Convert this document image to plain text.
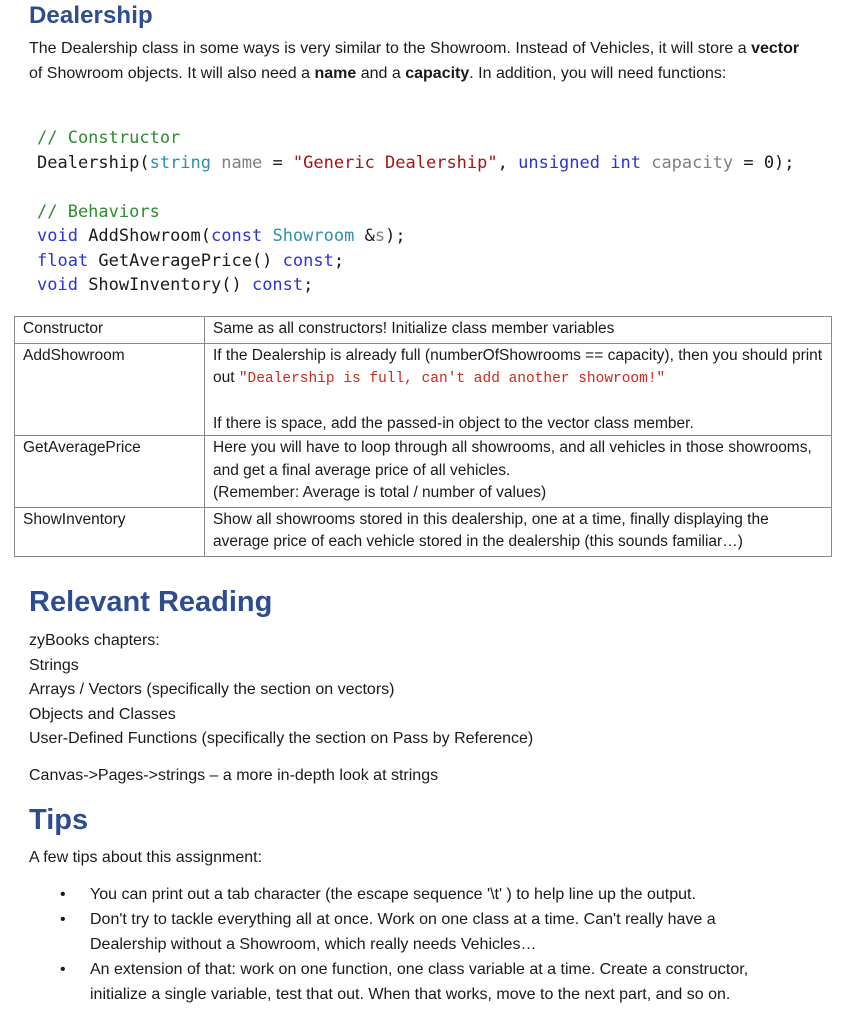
Dealership
The Dealership class in some ways is very similar to the Showroom. Instead of Vehicles, it will store a vector of Showroom objects. It will also need a name and a capacity. In addition, you will need functions:
// Constructor
Dealership(string name = "Generic Dealership", unsigned int capacity = 0);
// Behaviors
void AddShowroom(const Showroom &s);
float GetAveragePrice() const;
void ShowInventory() const;
Constructor	Same as all constructors! Initialize class member variables
AddShowroom	If the Dealership is already full (numberOfShowrooms == capacity), then you should print out "Dealership is full, can't add another showroom!"
If there is space, add the passed-in object to the vector class member.

GetAveragePrice	Here you will have to loop through all showrooms, and all vehicles in those showrooms, and get a final average price of all vehicles.
(Remember: Average is total / number of values)

ShowInventory	Show all showrooms stored in this dealership, one at a time, finally displaying the average price of each vehicle stored in the dealership (this sounds familiar…)
Relevant Reading
zyBooks chapters:
Strings
Arrays / Vectors (specifically the section on vectors)
Objects and Classes
User-Defined Functions (specifically the section on Pass by Reference)
Canvas->Pages->strings – a more in-depth look at strings
Tips
A few tips about this assignment:
• You can print out a tab character (the escape sequence '\t' ) to help line up the output.
• Don't try to tackle everything all at once. Work on one class at a time. Can't really have a Dealership without a Showroom, which really needs Vehicles…
• An extension of that: work on one function, one class variable at a time. Create a constructor, initialize a single variable, test that out. When that works, move to the next part, and so on.
